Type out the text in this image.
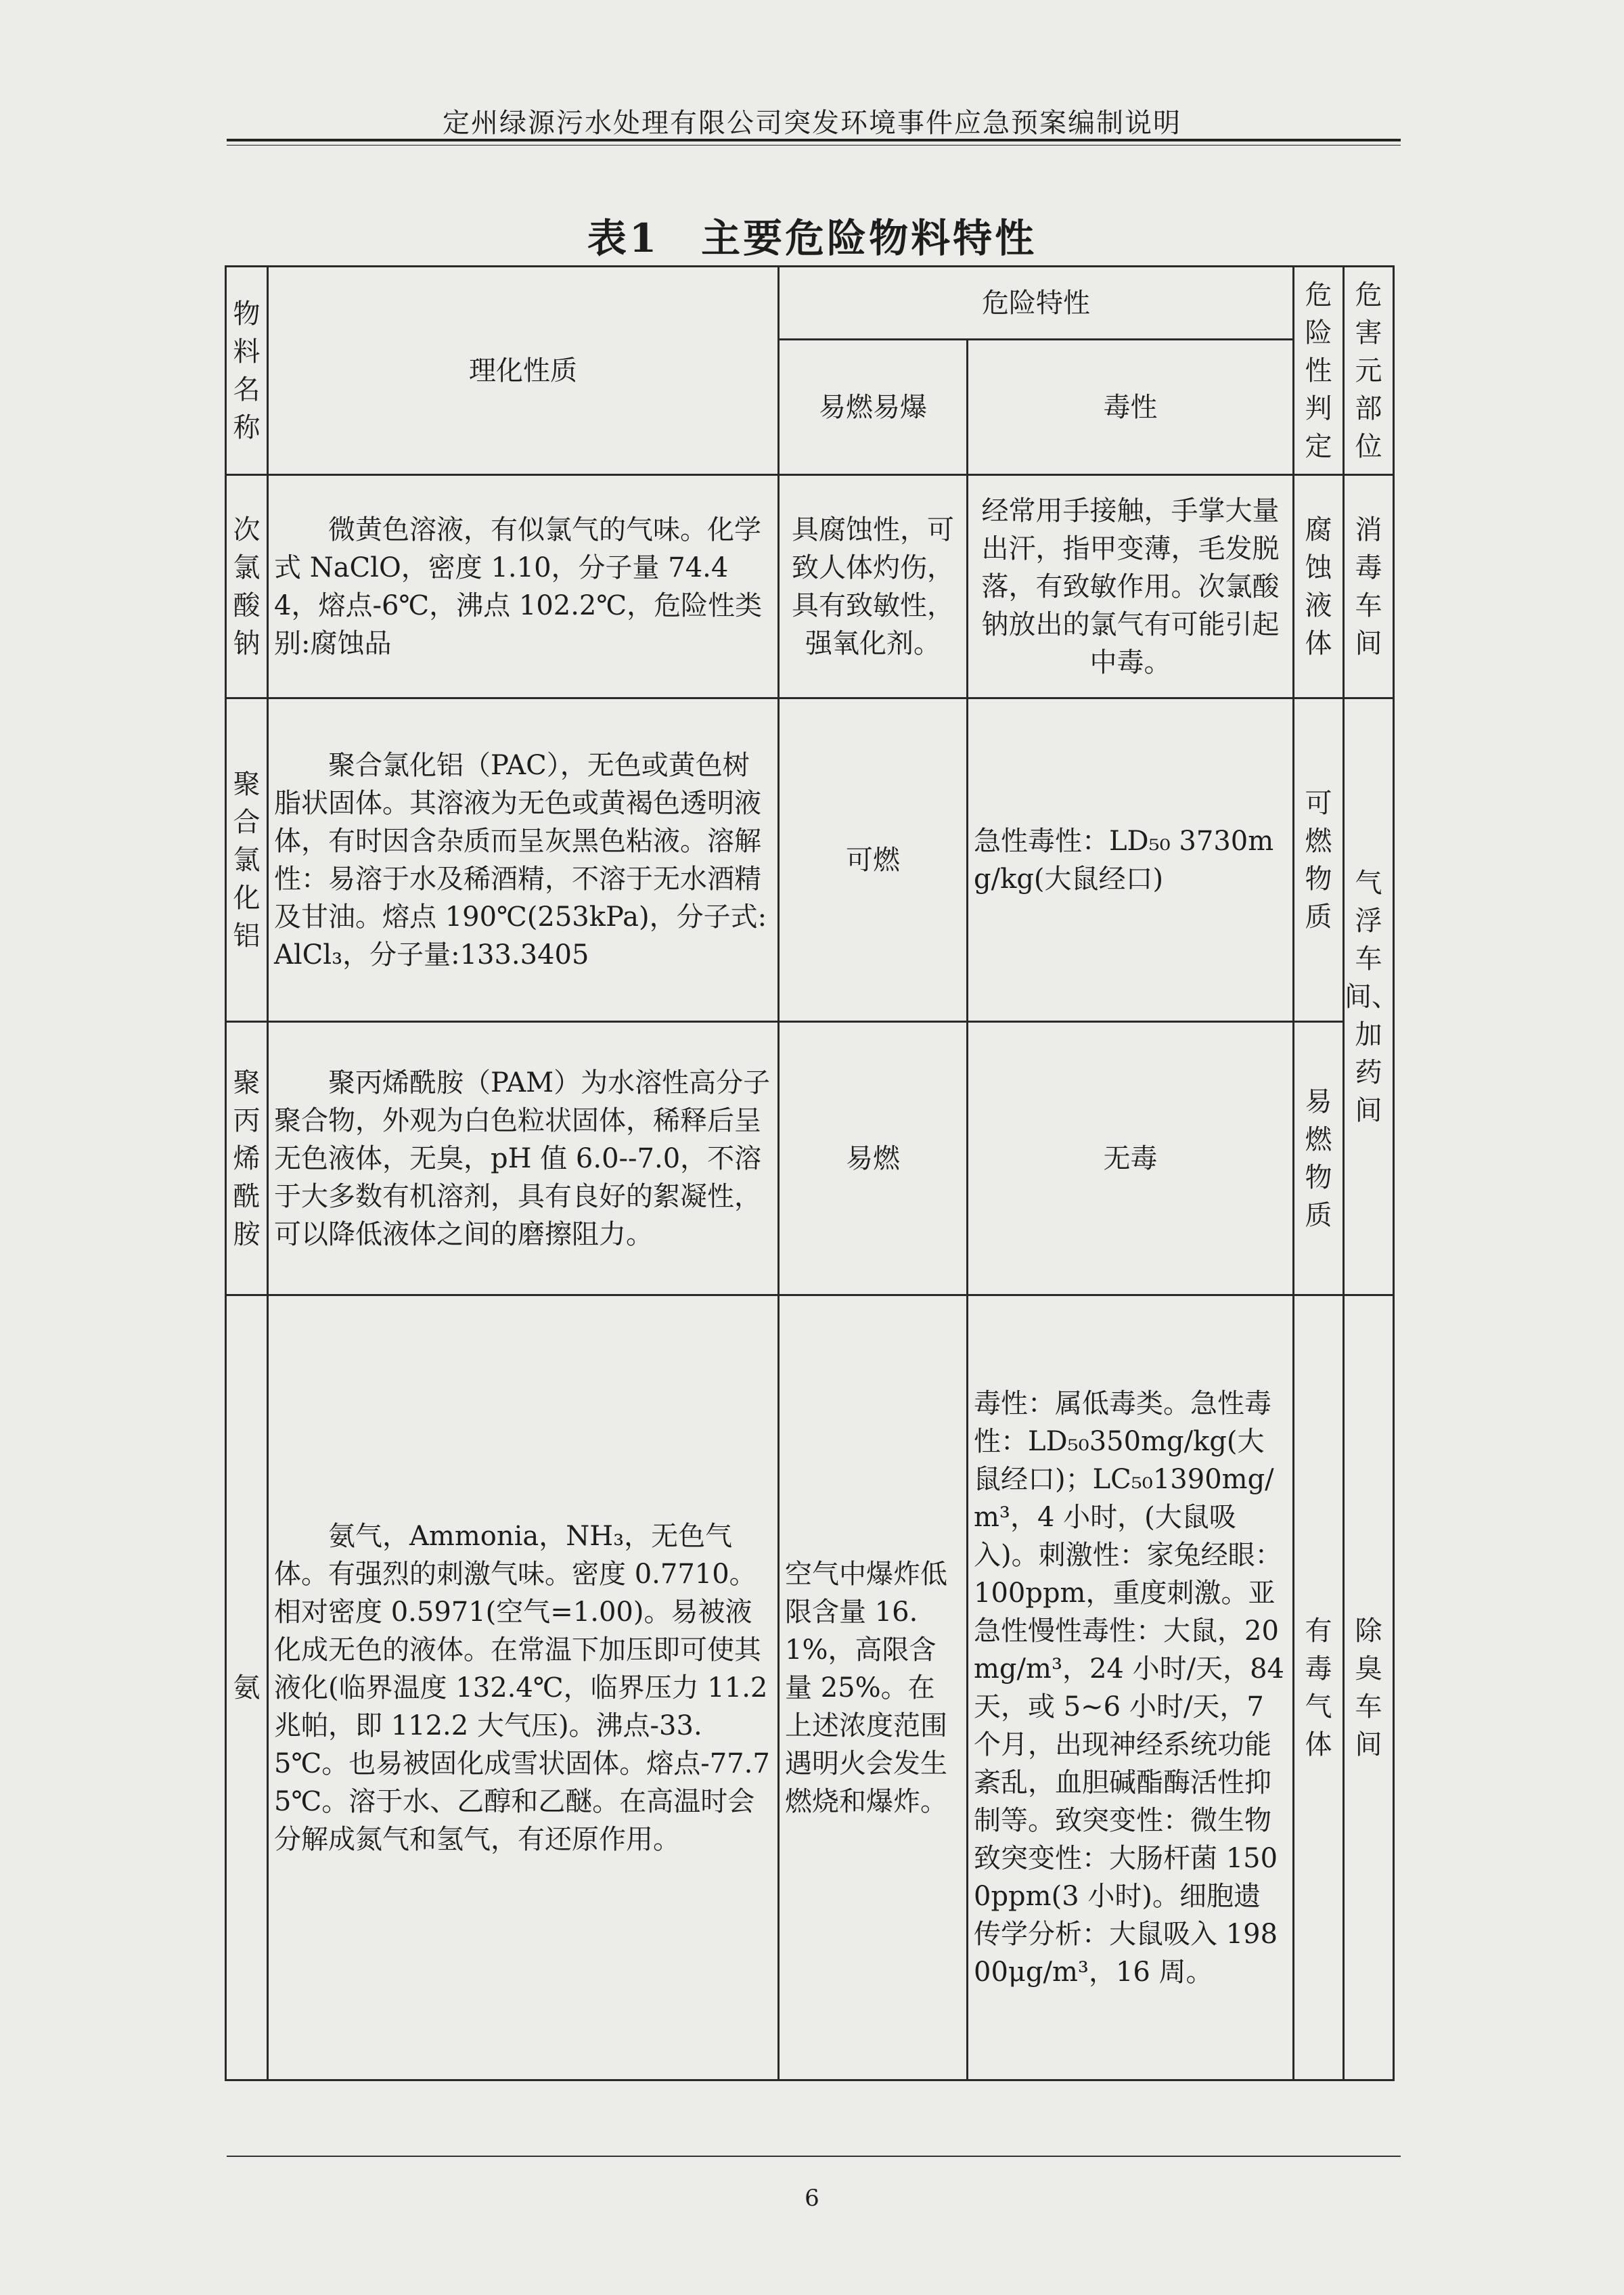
定州绿源污水处理有限公司突发环境事件应急预案编制说明
表1　主要危险物料特性
物料名称	理化性质	危险特性		危险性判定	危害元部位
		易燃易爆	毒性		
次氯酸钠	微黄色溶液，有似氯气的气味。化学式 NaClO，密度 1.10，分子量 74.44，熔点-6℃，沸点 102.2℃，危险性类别:腐蚀品	具腐蚀性，可致人体灼伤，具有致敏性，强氧化剂。	经常用手接触，手掌大量出汗，指甲变薄，毛发脱落，有致敏作用。次氯酸钠放出的氯气有可能引起中毒。	腐蚀液体	消毒车间
聚合氯化铝	聚合氯化铝（PAC），无色或黄色树脂状固体。其溶液为无色或黄褐色透明液体，有时因含杂质而呈灰黑色粘液。溶解性：易溶于水及稀酒精，不溶于无水酒精及甘油。熔点 190℃(253kPa)，分子式:AlCl₃，分子量:133.3405	可燃	急性毒性：LD₅₀ 3730mg/kg(大鼠经口)	可燃物质	气浮车间、加药间
聚丙烯酰胺	聚丙烯酰胺（PAM）为水溶性高分子聚合物，外观为白色粒状固体，稀释后呈无色液体，无臭，pH 值 6.0--7.0，不溶于大多数有机溶剂，具有良好的絮凝性，可以降低液体之间的磨擦阻力。	易燃	无毒	易燃物质	
氨	氨气，Ammonia，NH₃，无色气体。有强烈的刺激气味。密度 0.7710。相对密度 0.5971(空气=1.00)。易被液化成无色的液体。在常温下加压即可使其液化(临界温度 132.4℃，临界压力 11.2 兆帕，即 112.2 大气压)。沸点-33.5℃。也易被固化成雪状固体。熔点-77.75℃。溶于水、乙醇和乙醚。在高温时会分解成氮气和氢气，有还原作用。	空气中爆炸低限含量 16.1%，高限含量 25%。在上述浓度范围遇明火会发生燃烧和爆炸。	毒性：属低毒类。急性毒性：LD₅₀350mg/kg(大鼠经口)；LC₅₀1390mg/m³，4 小时，(大鼠吸入)。刺激性：家兔经眼：100ppm，重度刺激。亚急性慢性毒性：大鼠，20mg/m³，24 小时/天，84 天，或 5~6 小时/天，7 个月，出现神经系统功能紊乱，血胆碱酯酶活性抑制等。致突变性：微生物致突变性：大肠杆菌 1500ppm(3 小时)。细胞遗传学分析：大鼠吸入 19800μg/m³，16 周。	有毒气体	除臭车间
6
